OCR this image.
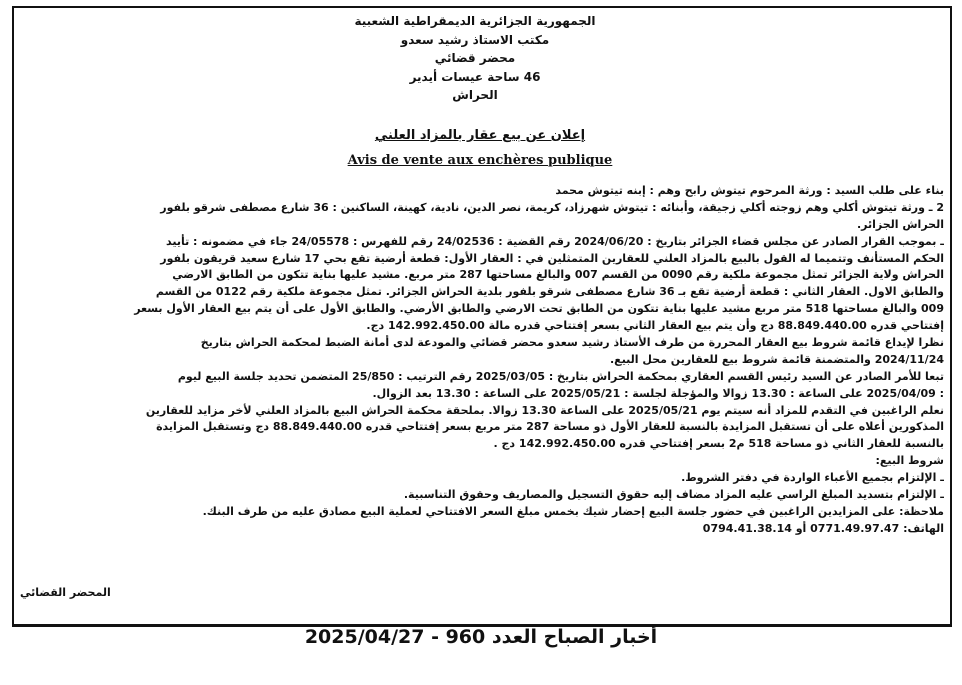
الجمهورية الجزائرية الديمقراطية الشعبية
مكتب الاستاذ رشيد سعدو
محضر قضائي
46 ساحة عيسات أيدير
الحراش
إعلان عن بيع عقار بالمزاد العلني
Avis de vente aux enchères publique
بناء على طلب السيد : ورثة المرحوم تيتوش رابح وهم : إبنه تيتوش محمد
2 ـ ورثة تيتوش أكلي وهم زوجته أكلي زجيقة، وأبنائه : تيتوش شهرزاد، كريمة، نصر الدين، نادية، كهينة، الساكنين : 36 شارع مصطفى شرقو بلفور
الحراش الجزائر.
ـ بموجب القرار الصادر عن مجلس قضاء الجزائر بتاريخ : 2024/06/20 رقم القضية : 24/02536 رقم للفهرس : 24/05578 جاء في مضمونه : تأييد
الحكم المستأنف وتتميما له القول بالبيع بالمزاد العلني للعقارين المتمثلين في : العقار الأول: قطعة أرضية تقع بحي 17 شارع سعيد قريقون بلفور
الحراش ولاية الجزائر تمثل مجموعة ملكية رقم 0090 من القسم 007 والبالغ مساحتها 287 متر مربع. مشيد عليها بناية تتكون من الطابق الارضي
والطابق الاول. العقار الثاني : قطعة أرضية تقع بـ 36 شارع مصطفى شرقو بلفور بلدية الحراش الجزائر. تمثل مجموعة ملكية رقم 0122 من القسم
009 والبالغ مساحتها 518 متر مربع مشيد عليها بناية تتكون من الطابق تحت الارضي والطابق الأرضي. والطابق الأول على أن يتم بيع العقار الأول بسعر
إفتتاحي قدره 88.849.440.00 دج وأن يتم بيع العقار الثاني بسعر إفتتاحي قدره مالة 142.992.450.00 دج.
نظرا لإيداع قائمة شروط بيع العقار المحررة من طرف الأستاذ رشيد سعدو محضر قضائي والمودعة لدى أمانة الضبط لمحكمة الحراش بتاريخ
2024/11/24 والمتضمنة قائمة شروط بيع للعقارين محل البيع.
تبعا للأمر الصادر عن السيد رئيس القسم العقاري بمحكمة الحراش بتاريخ : 2025/03/05 رقم الترتيب : 25/850 المتضمن تحديد جلسة البيع ليوم
: 2025/04/09 على الساعة : 13.30 زوالا والمؤجلة لجلسة : 2025/05/21 على الساعة : 13.30 بعد الزوال.
نعلم الراغبين في التقدم للمزاد أنه سيتم يوم 2025/05/21 على الساعة 13.30 زوالا. بملحقة محكمة الحراش البيع بالمزاد العلني لأخر مزايد للعقارين
المذكورين أعلاه على أن تستقبل المزايدة بالنسبة للعقار الأول ذو مساحة 287 متر مربع بسعر إفتتاحي قدره 88.849.440.00 دج وتستقبل المزايدة
بالنسبة للعقار الثاني ذو مساحة 518 م2 بسعر إفتتاحي قدره 142.992.450.00 دج .
شروط البيع:
ـ الإلتزام بجميع الأعباء الواردة في دفتر الشروط.
ـ الإلتزام بتسديد المبلغ الراسي عليه المزاد مضاف إليه حقوق التسجيل والمصاريف وحقوق التناسبية.
ملاحظة: على المزايدين الراغبين في حضور جلسة البيع إحضار شيك بخمس مبلغ السعر الافتتاحي لعملية البيع مصادق عليه من طرف البنك.
الهاتف: 0771.49.97.47 أو 0794.41.38.14
المحضر القضائي
أخبار الصباح العدد 960 - 2025/04/27
